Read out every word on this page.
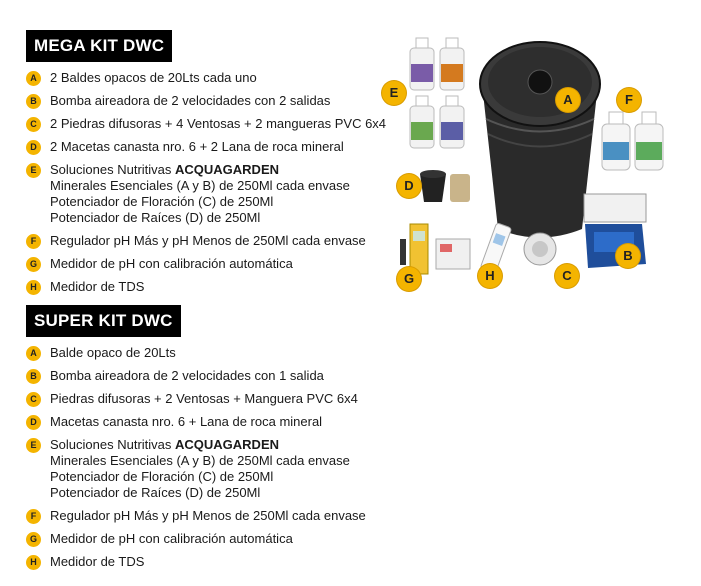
MEGA KIT DWC
A	2 Baldes opacos de 20Lts cada uno
B	Bomba aireadora de 2 velocidades con 2 salidas
C	2 Piedras difusoras + 4 Ventosas + 2 mangueras PVC 6x4
D	2 Macetas canasta nro. 6 + 2 Lana de roca mineral
E	Soluciones Nutritivas ACQUAGARDEN
Minerales Esenciales (A y B) de 250Ml cada envase
Potenciador de Floración (C) de 250Ml
Potenciador de Raíces (D) de 250Ml
F	Regulador pH Más y pH Menos de 250Ml cada envase
G	Medidor de pH con calibración automática
H	Medidor de TDS
SUPER KIT DWC
A	Balde opaco de 20Lts
B	Bomba aireadora de 2 velocidades con 1 salida
C	Piedras difusoras + 2 Ventosas + Manguera PVC 6x4
D	Macetas canasta nro. 6 + Lana de roca mineral
E	Soluciones Nutritivas ACQUAGARDEN
Minerales Esenciales (A y B) de 250Ml cada envase
Potenciador de Floración (C) de 250Ml
Potenciador de Raíces (D) de 250Ml
F	Regulador pH Más y pH Menos de 250Ml cada envase
G	Medidor de pH con calibración automática
H	Medidor de TDS
A
B
C
D
E	F
G	H
